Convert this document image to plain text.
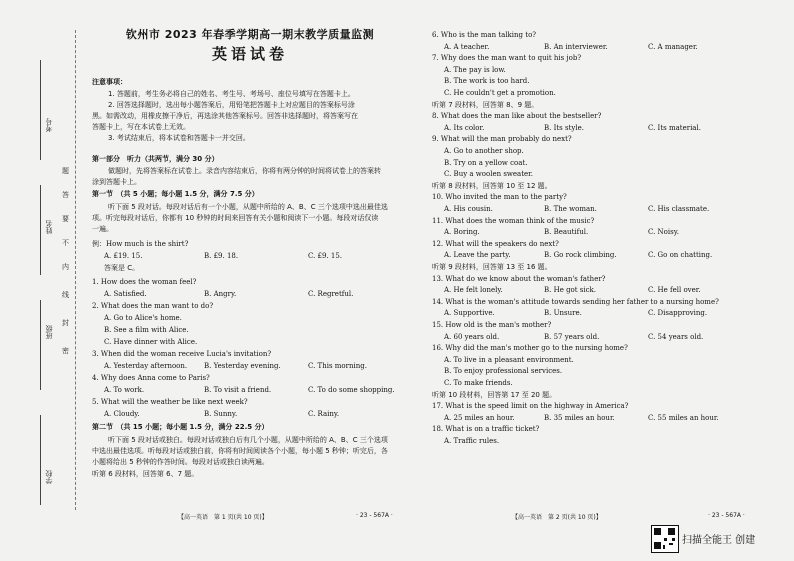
考号
姓名
班级
学校
题
答
要
不
内
线
封
密
钦州市 2023 年春季学期高一期末教学质量监测
英语试卷
注意事项：
1. 答题前，考生务必将自己的姓名、考生号、考场号、座位号填写在答题卡上。
2. 回答选择题时，选出每小题答案后，用铅笔把答题卡上对应题目的答案标号涂
黑。如需改动，用橡皮擦干净后，再选涂其他答案标号。回答非选择题时，将答案写在
答题卡上，写在本试卷上无效。
3. 考试结束后，将本试卷和答题卡一并交回。
第一部分　听力（共两节，满分 30 分）
做题时，先将答案标在试卷上。录音内容结束后，你将有两分钟的时间将试卷上的答案转
涂到答题卡上。
第一节　（共 5 小题；每小题 1.5 分，满分 7.5 分）
听下面 5 段对话。每段对话后有一个小题，从题中所给的 A、B、C 三个选项中选出最佳选
项。听完每段对话后，你都有 10 秒钟的时间来回答有关小题和阅读下一小题。每段对话仅读
一遍。
例：How much is the shirt?
A. £19. 15.	B. £9. 18.	C. £9. 15.
答案是 C。
1. How does the woman feel?
A. Satisfied.	B. Angry.	C. Regretful.
2. What does the man want to do?
A. Go to Alice's home.
B. See a film with Alice.
C. Have dinner with Alice.
3. When did the woman receive Lucia's invitation?
A. Yesterday afternoon. B. Yesterday evening.	C. This morning.
4. Why does Anna come to Paris?
A. To work.	B. To visit a friend.	C. To do some shopping.
5. What will the weather be like next week?
A. Cloudy.	B. Sunny.	C. Rainy.
第二节　（共 15 小题；每小题 1.5 分，满分 22.5 分）
听下面 5 段对话或独白。每段对话或独白后有几个小题，从题中所给的 A、B、C 三个选项
中选出最佳选项。听每段对话或独白前，你将有时间阅读各个小题，每小题 5 秒钟；听完后，各
小题将给出 5 秒钟的作答时间。每段对话或独白读两遍。
听第 6 段材料，回答第 6、7 题。
【高一英语　第 1 页(共 10 页)】	· 23 - 567A ·
6. Who is the man talking to?
A. A teacher.	B. An interviewer.	C. A manager.
7. Why does the man want to quit his job?
A. The pay is low.
B. The work is too hard.
C. He couldn't get a promotion.
听第 7 段材料，回答第 8、9 题。
8. What does the man like about the bestseller?
A. Its color.	B. Its style.	C. Its material.
9. What will the man probably do next?
A. Go to another shop.
B. Try on a yellow coat.
C. Buy a woolen sweater.
听第 8 段材料，回答第 10 至 12 题。
10. Who invited the man to the party?
A. His cousin.	B. The woman.	C. His classmate.
11. What does the woman think of the music?
A. Boring.	B. Beautiful.	C. Noisy.
12. What will the speakers do next?
A. Leave the party.	B. Go rock climbing.	C. Go on chatting.
听第 9 段材料，回答第 13 至 16 题。
13. What do we know about the woman's father?
A. He felt lonely.	B. He got sick.	C. He fell over.
14. What is the woman's attitude towards sending her father to a nursing home?
A. Supportive.	B. Unsure.	C. Disapproving.
15. How old is the man's mother?
A. 60 years old.	B. 57 years old.	C. 54 years old.
16. Why did the man's mother go to the nursing home?
A. To live in a pleasant environment.
B. To enjoy professional services.
C. To make friends.
听第 10 段材料，回答第 17 至 20 题。
17. What is the speed limit on the highway in America?
A. 25 miles an hour.	B. 35 miles an hour.	C. 55 miles an hour.
18. What is on a traffic ticket?
A. Traffic rules.
【高一英语　第 2 页(共 10 页)】	· 23 - 567A ·
扫描全能王 创建
